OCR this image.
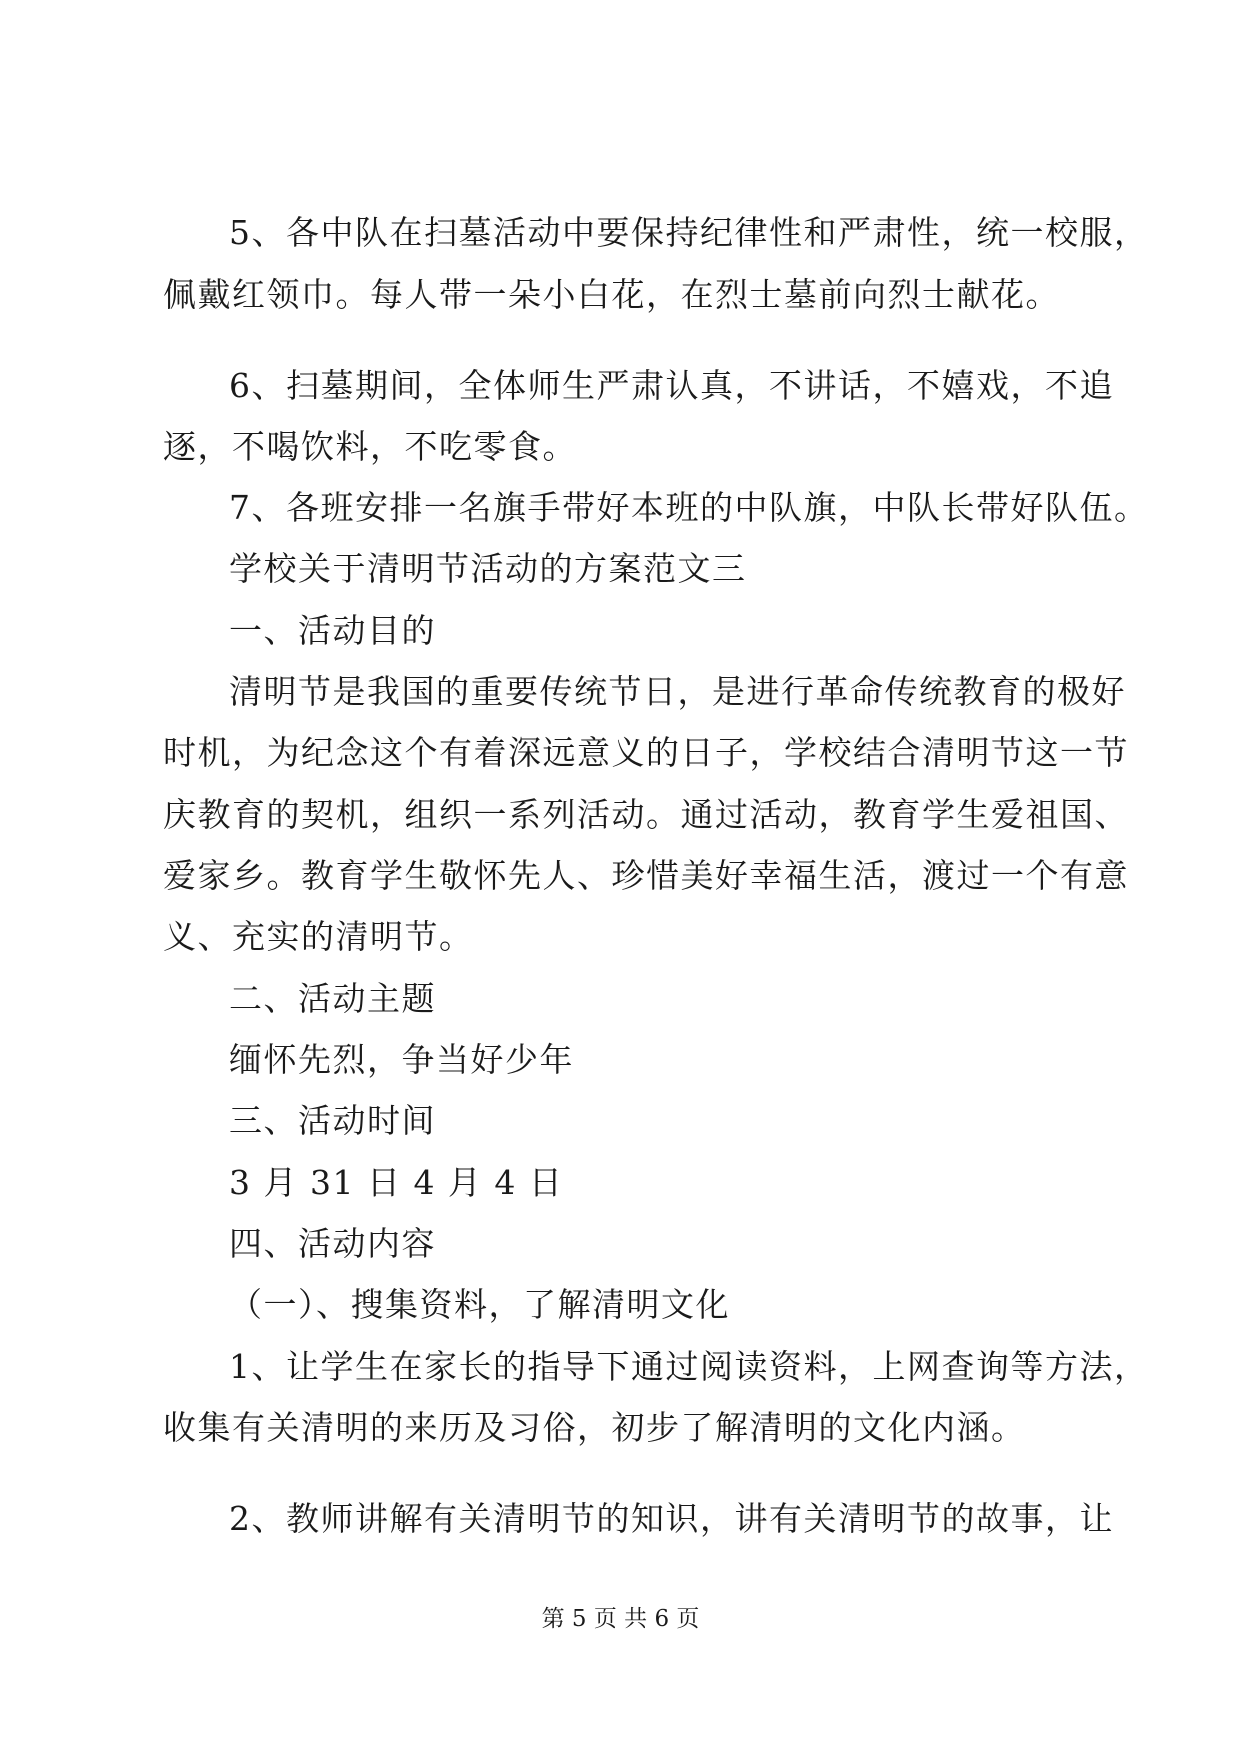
5、各中队在扫墓活动中要保持纪律性和严肃性，统一校服，
佩戴红领巾。每人带一朵小白花，在烈士墓前向烈士献花。
6、扫墓期间，全体师生严肃认真，不讲话，不嬉戏，不追
逐，不喝饮料，不吃零食。
7、各班安排一名旗手带好本班的中队旗，中队长带好队伍。
学校关于清明节活动的方案范文三
一、活动目的
清明节是我国的重要传统节日，是进行革命传统教育的极好
时机，为纪念这个有着深远意义的日子，学校结合清明节这一节
庆教育的契机，组织一系列活动。通过活动，教育学生爱祖国、
爱家乡。教育学生敬怀先人、珍惜美好幸福生活，渡过一个有意
义、充实的清明节。
二、活动主题
缅怀先烈，争当好少年
三、活动时间
3 月 31 日 4 月 4 日
四、活动内容
（一）、搜集资料，了解清明文化
1、让学生在家长的指导下通过阅读资料，上网查询等方法，
收集有关清明的来历及习俗，初步了解清明的文化内涵。
2、教师讲解有关清明节的知识，讲有关清明节的故事，让
第 5 页 共 6 页
